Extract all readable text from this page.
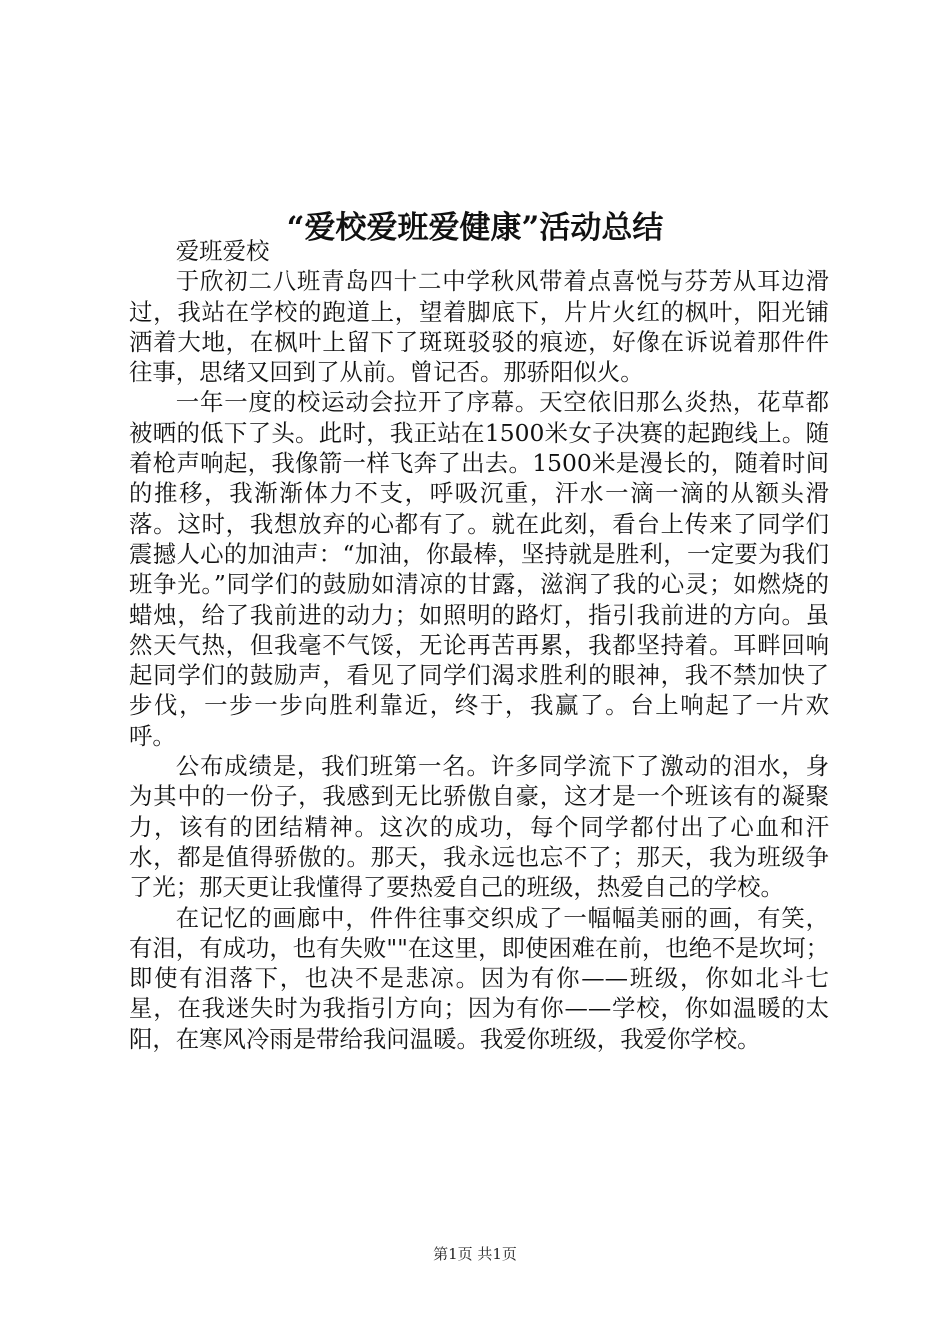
“爱校爱班爱健康”活动总结

爱班爱校

于欣初二八班青岛四十二中学秋风带着点喜悦与芬芳从耳边滑过，我站在学校的跑道上，望着脚底下，片片火红的枫叶，阳光铺洒着大地，在枫叶上留下了斑斑驳驳的痕迹，好像在诉说着那件件往事，思绪又回到了从前。曾记否。那骄阳似火。

一年一度的校运动会拉开了序幕。天空依旧那么炎热，花草都被晒的低下了头。此时，我正站在1500米女子决赛的起跑线上。随着枪声响起，我像箭一样飞奔了出去。1500米是漫长的，随着时间的推移，我渐渐体力不支，呼吸沉重，汗水一滴一滴的从额头滑落。这时，我想放弃的心都有了。就在此刻，看台上传来了同学们震撼人心的加油声：“加油，你最棒，坚持就是胜利，一定要为我们班争光。”同学们的鼓励如清凉的甘露，滋润了我的心灵；如燃烧的蜡烛，给了我前进的动力；如照明的路灯，指引我前进的方向。虽然天气热，但我毫不气馁，无论再苦再累，我都坚持着。耳畔回响起同学们的鼓励声，看见了同学们渴求胜利的眼神，我不禁加快了步伐，一步一步向胜利靠近，终于，我赢了。台上响起了一片欢呼。

公布成绩是，我们班第一名。许多同学流下了激动的泪水，身为其中的一份子，我感到无比骄傲自豪，这才是一个班该有的凝聚力，该有的团结精神。这次的成功，每个同学都付出了心血和汗水，都是值得骄傲的。那天，我永远也忘不了；那天，我为班级争了光；那天更让我懂得了要热爱自己的班级，热爱自己的学校。

在记忆的画廊中，件件往事交织成了一幅幅美丽的画，有笑，有泪，有成功，也有失败""在这里，即使困难在前，也绝不是坎坷；即使有泪落下，也决不是悲凉。因为有你——班级，你如北斗七星，在我迷失时为我指引方向；因为有你——学校，你如温暖的太阳，在寒风冷雨是带给我问温暖。我爱你班级，我爱你学校。

第1页 共1页
